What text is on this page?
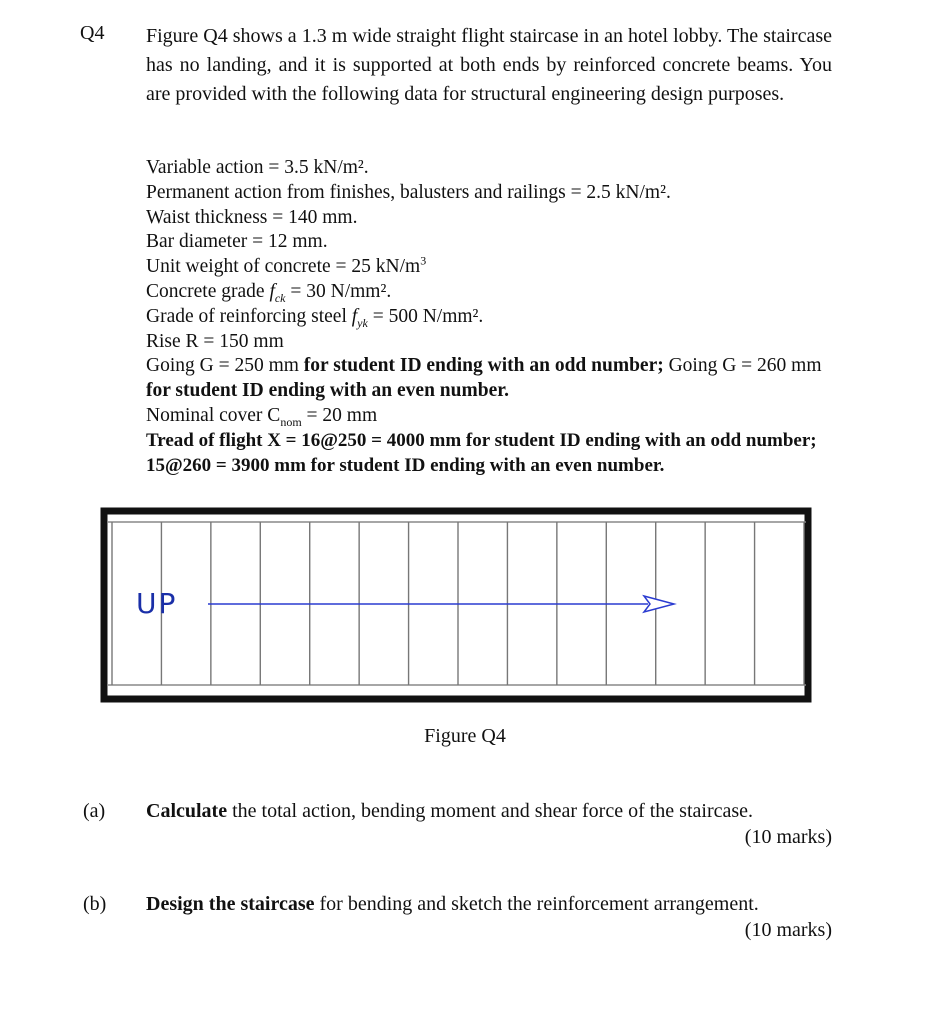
Q4 Figure Q4 shows a 1.3 m wide straight flight staircase in an hotel lobby. The staircase has no landing, and it is supported at both ends by reinforced concrete beams. You are provided with the following data for structural engineering design purposes.

Variable action = 3.5 kN/m².
Permanent action from finishes, balusters and railings = 2.5 kN/m².
Waist thickness = 140 mm.
Bar diameter = 12 mm.
Unit weight of concrete = 25 $kN/m^3$
Concrete grade $f_{ck} = 30$ N/mm².
Grade of reinforcing steel $f_{yk} = 500$ N/mm².
Rise R = 150 mm
Going G = 250 mm for student ID ending with an odd number; Going G = 260 mm for student ID ending with an even number.
Nominal cover $C_{nom} = 20$ mm
Tread of flight X = 16@250 = 4000 mm for student ID ending with an odd number; 15@260 = 3900 mm for student ID ending with an even number.
UP
Figure Q4
(a) Calculate the total action, bending moment and shear force of the staircase.
(10 marks)
(b) Design the staircase for bending and sketch the reinforcement arrangement.
(10 marks)
